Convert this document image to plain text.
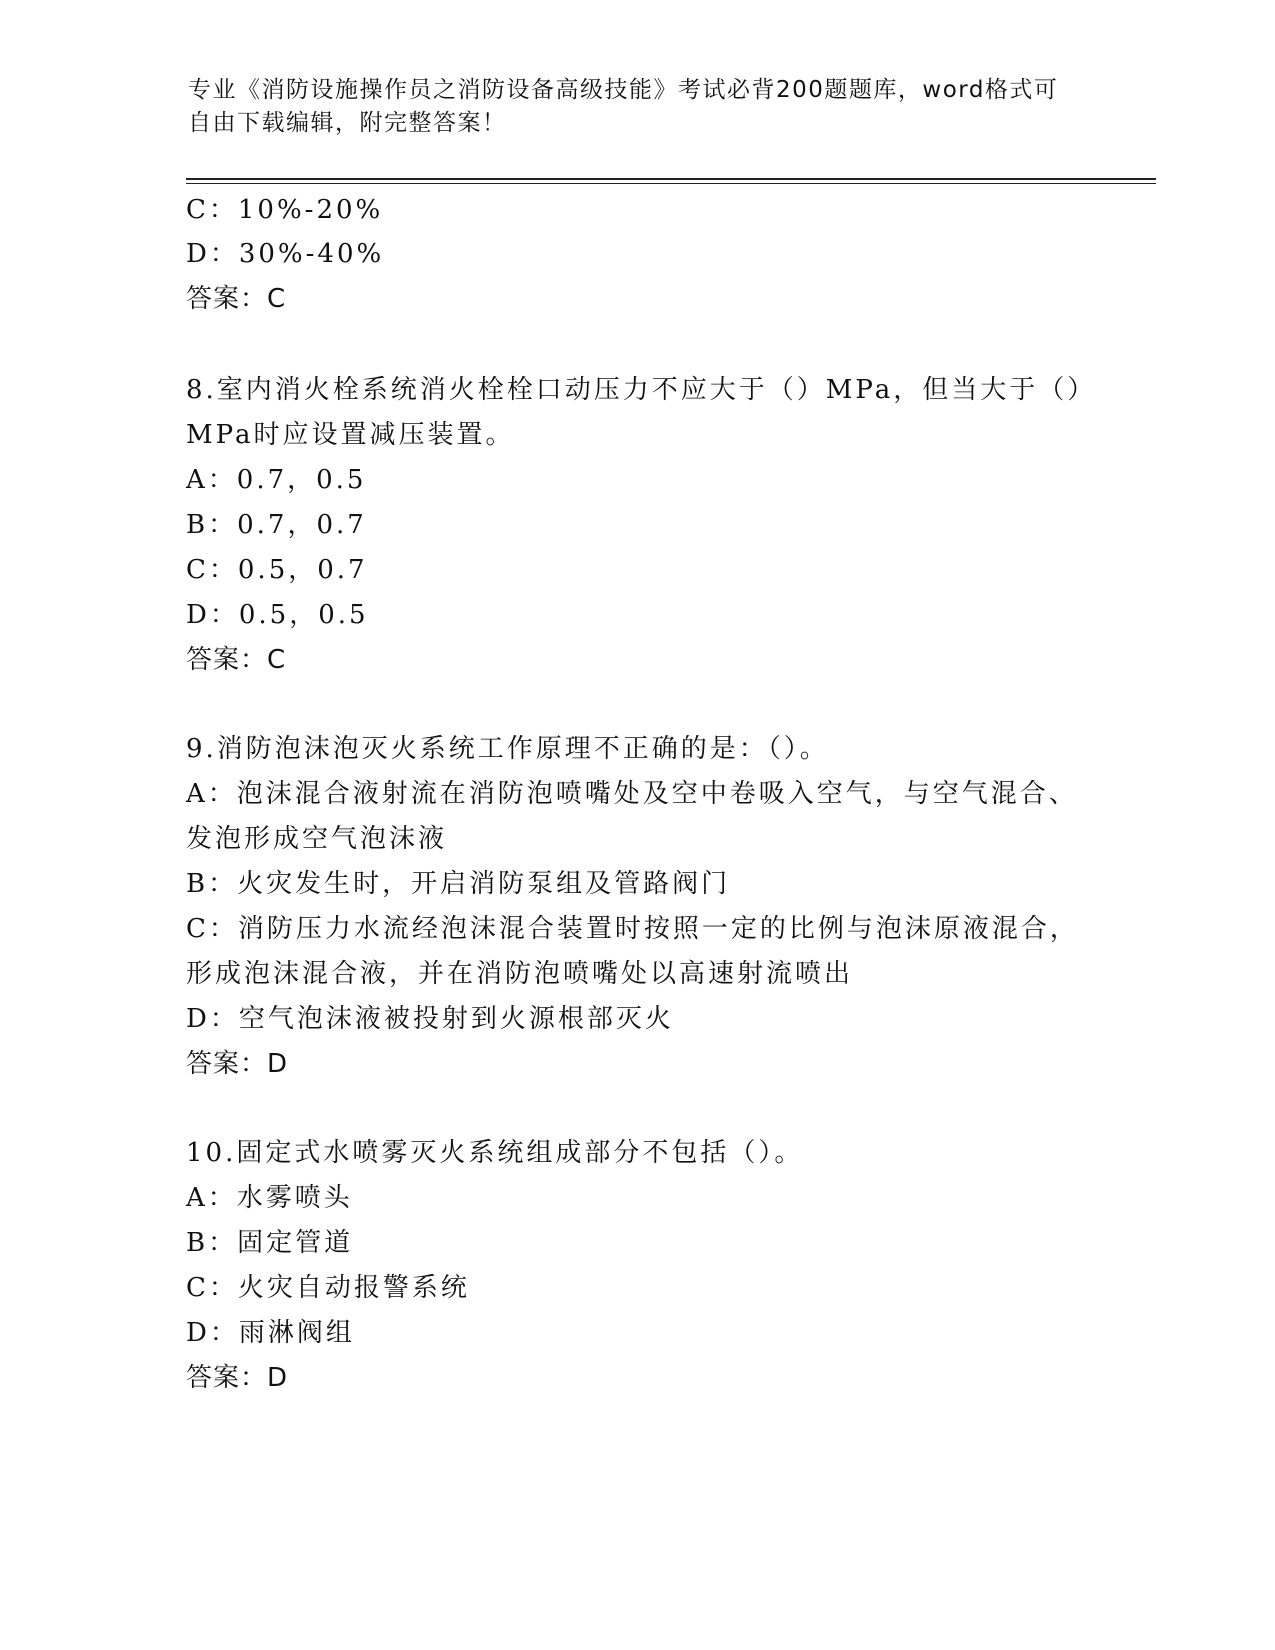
专业《消防设施操作员之消防设备高级技能》考试必背200题题库，word格式可
自由下载编辑，附完整答案！
C：10%-20%
D：30%-40%
答案：C
8.室内消火栓系统消火栓栓口动压力不应大于（）MPa，但当大于（）
MPa时应设置减压装置。
A：0.7，0.5
B：0.7，0.7
C：0.5，0.7
D：0.5，0.5
答案：C
9.消防泡沫泡灭火系统工作原理不正确的是：（）。
A：泡沫混合液射流在消防泡喷嘴处及空中卷吸入空气，与空气混合、
发泡形成空气泡沫液
B：火灾发生时，开启消防泵组及管路阀门
C：消防压力水流经泡沫混合装置时按照一定的比例与泡沫原液混合，
形成泡沫混合液，并在消防泡喷嘴处以高速射流喷出
D：空气泡沫液被投射到火源根部灭火
答案：D
10.固定式水喷雾灭火系统组成部分不包括（）。
A：水雾喷头
B：固定管道
C：火灾自动报警系统
D：雨淋阀组
答案：D
